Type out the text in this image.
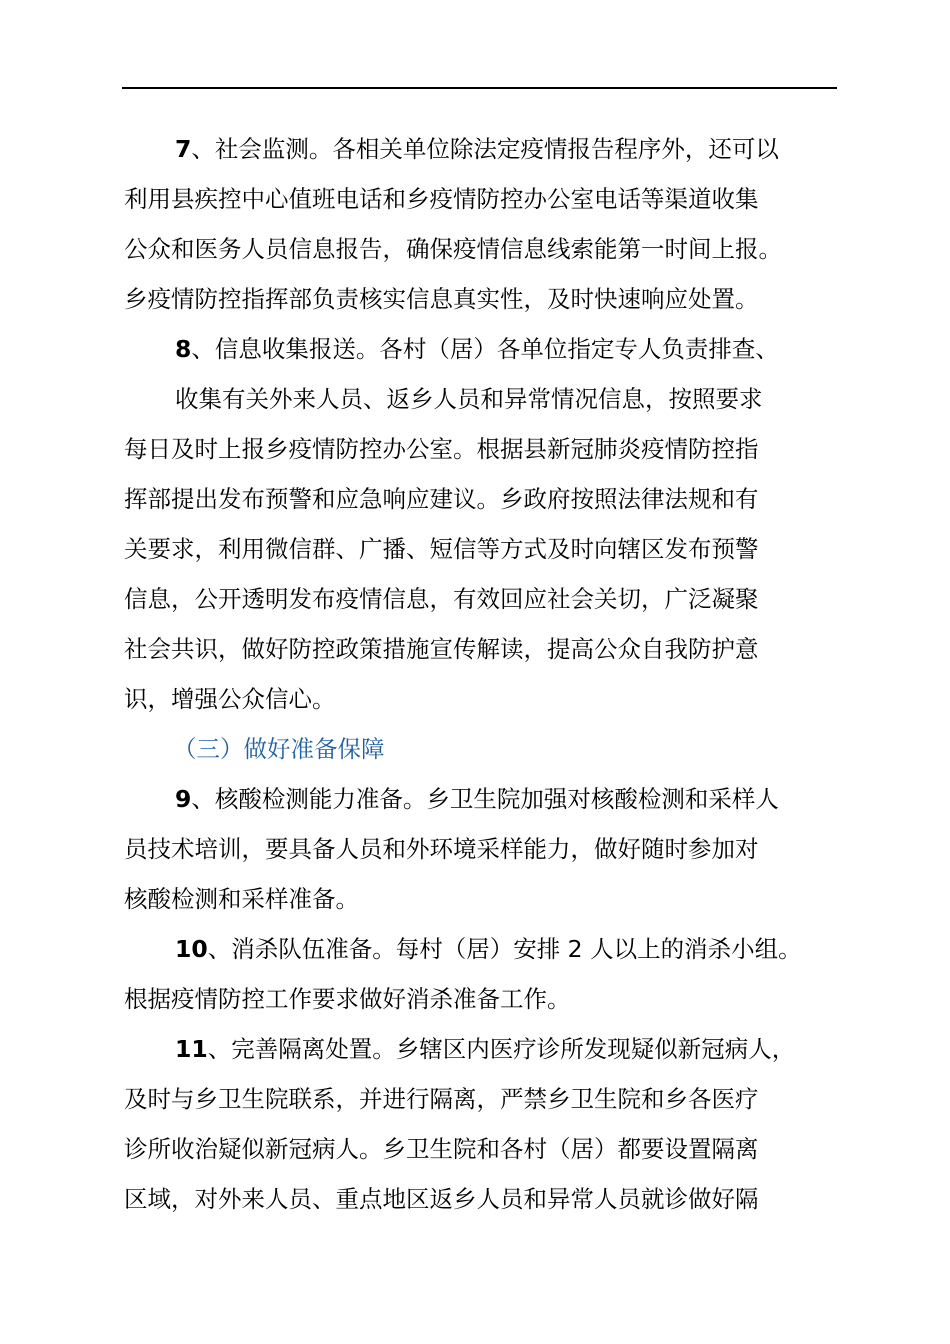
7、社会监测。各相关单位除法定疫情报告程序外，还可以
利用县疾控中心值班电话和乡疫情防控办公室电话等渠道收集
公众和医务人员信息报告，确保疫情信息线索能第一时间上报。
乡疫情防控指挥部负责核实信息真实性，及时快速响应处置。
8、信息收集报送。各村（居）各单位指定专人负责排查、
收集有关外来人员、返乡人员和异常情况信息，按照要求
每日及时上报乡疫情防控办公室。根据县新冠肺炎疫情防控指
挥部提出发布预警和应急响应建议。乡政府按照法律法规和有
关要求，利用微信群、广播、短信等方式及时向辖区发布预警
信息，公开透明发布疫情信息，有效回应社会关切，广泛凝聚
社会共识，做好防控政策措施宣传解读，提高公众自我防护意
识，增强公众信心。
（三）做好准备保障
9、核酸检测能力准备。乡卫生院加强对核酸检测和采样人
员技术培训，要具备人员和外环境采样能力，做好随时参加对
核酸检测和采样准备。
10、消杀队伍准备。每村（居）安排 2 人以上的消杀小组。
根据疫情防控工作要求做好消杀准备工作。
11、完善隔离处置。乡辖区内医疗诊所发现疑似新冠病人，
及时与乡卫生院联系，并进行隔离，严禁乡卫生院和乡各医疗
诊所收治疑似新冠病人。乡卫生院和各村（居）都要设置隔离
区域，对外来人员、重点地区返乡人员和异常人员就诊做好隔
